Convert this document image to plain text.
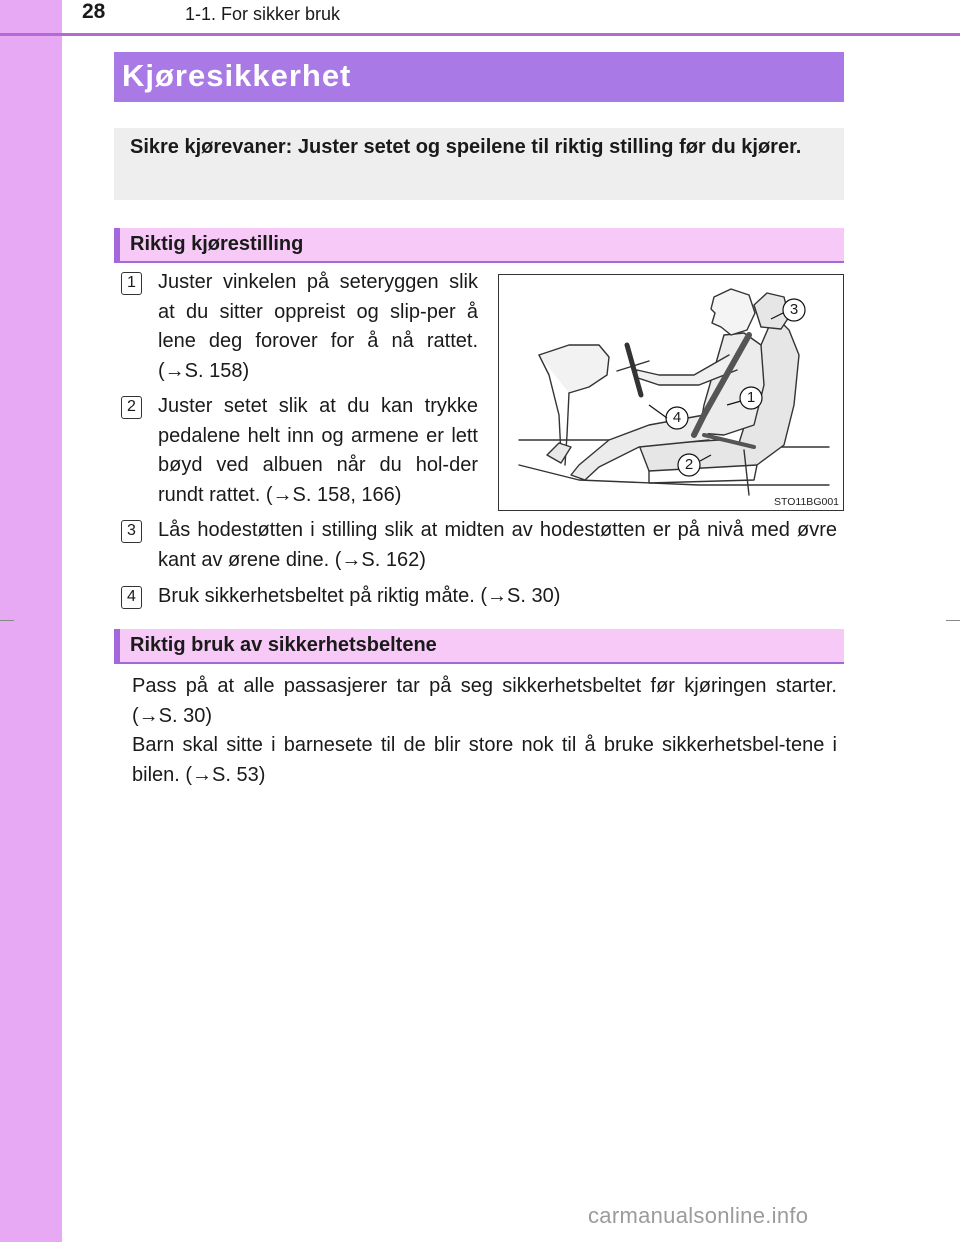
28	1-1. For sikker bruk
Kjøresikkerhet
Sikre kjørevaner: Juster setet og speilene til riktig stilling før du kjører.
Riktig kjørestilling
1	Juster vinkelen på seteryggen slik at du sitter oppreist og slip-per å lene deg forover for å nå rattet. (→S. 158)
2	Juster setet slik at du kan trykke pedalene helt inn og armene er lett bøyd ved albuen når du hol-der rundt rattet. (→S. 158, 166)
3	Lås hodestøtten i stilling slik at midten av hodestøtten er på nivå med øvre kant av ørene dine. (→S. 162)
4	Bruk sikkerhetsbeltet på riktig måte. (→S. 30)
3
1
4
2
STO11BG001
Riktig bruk av sikkerhetsbeltene
Pass på at alle passasjerer tar på seg sikkerhetsbeltet før kjøringen starter. (→S. 30)
Barn skal sitte i barnesete til de blir store nok til å bruke sikkerhetsbel-tene i bilen. (→S. 53)
carmanualsonline.info
